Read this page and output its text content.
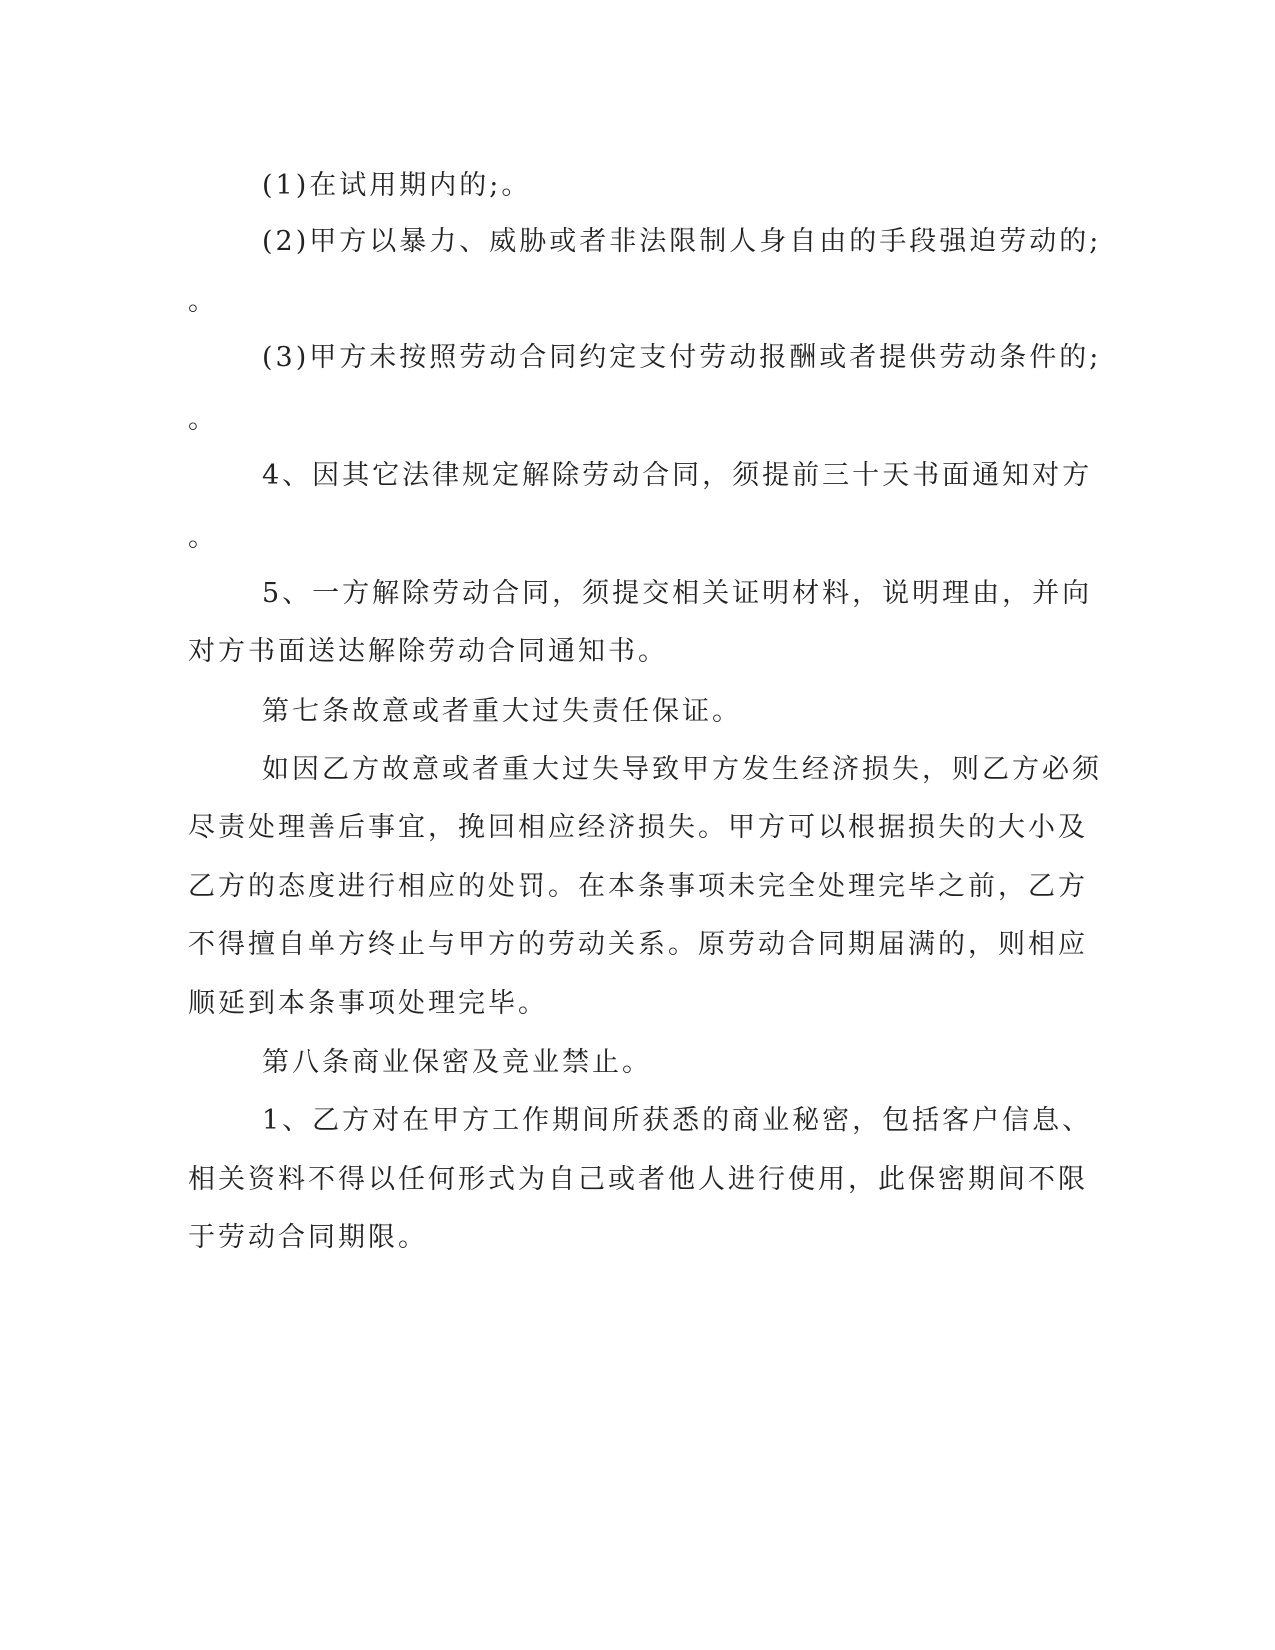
(1)在试用期内的;。
(2)甲方以暴力、威胁或者非法限制人身自由的手段强迫劳动的;
。
(3)甲方未按照劳动合同约定支付劳动报酬或者提供劳动条件的;
。
4、因其它法律规定解除劳动合同，须提前三十天书面通知对方
。
5、一方解除劳动合同，须提交相关证明材料，说明理由，并向
对方书面送达解除劳动合同通知书。
第七条故意或者重大过失责任保证。
如因乙方故意或者重大过失导致甲方发生经济损失，则乙方必须
尽责处理善后事宜，挽回相应经济损失。甲方可以根据损失的大小及
乙方的态度进行相应的处罚。在本条事项未完全处理完毕之前，乙方
不得擅自单方终止与甲方的劳动关系。原劳动合同期届满的，则相应
顺延到本条事项处理完毕。
第八条商业保密及竞业禁止。
1、乙方对在甲方工作期间所获悉的商业秘密，包括客户信息、
相关资料不得以任何形式为自己或者他人进行使用，此保密期间不限
于劳动合同期限。
